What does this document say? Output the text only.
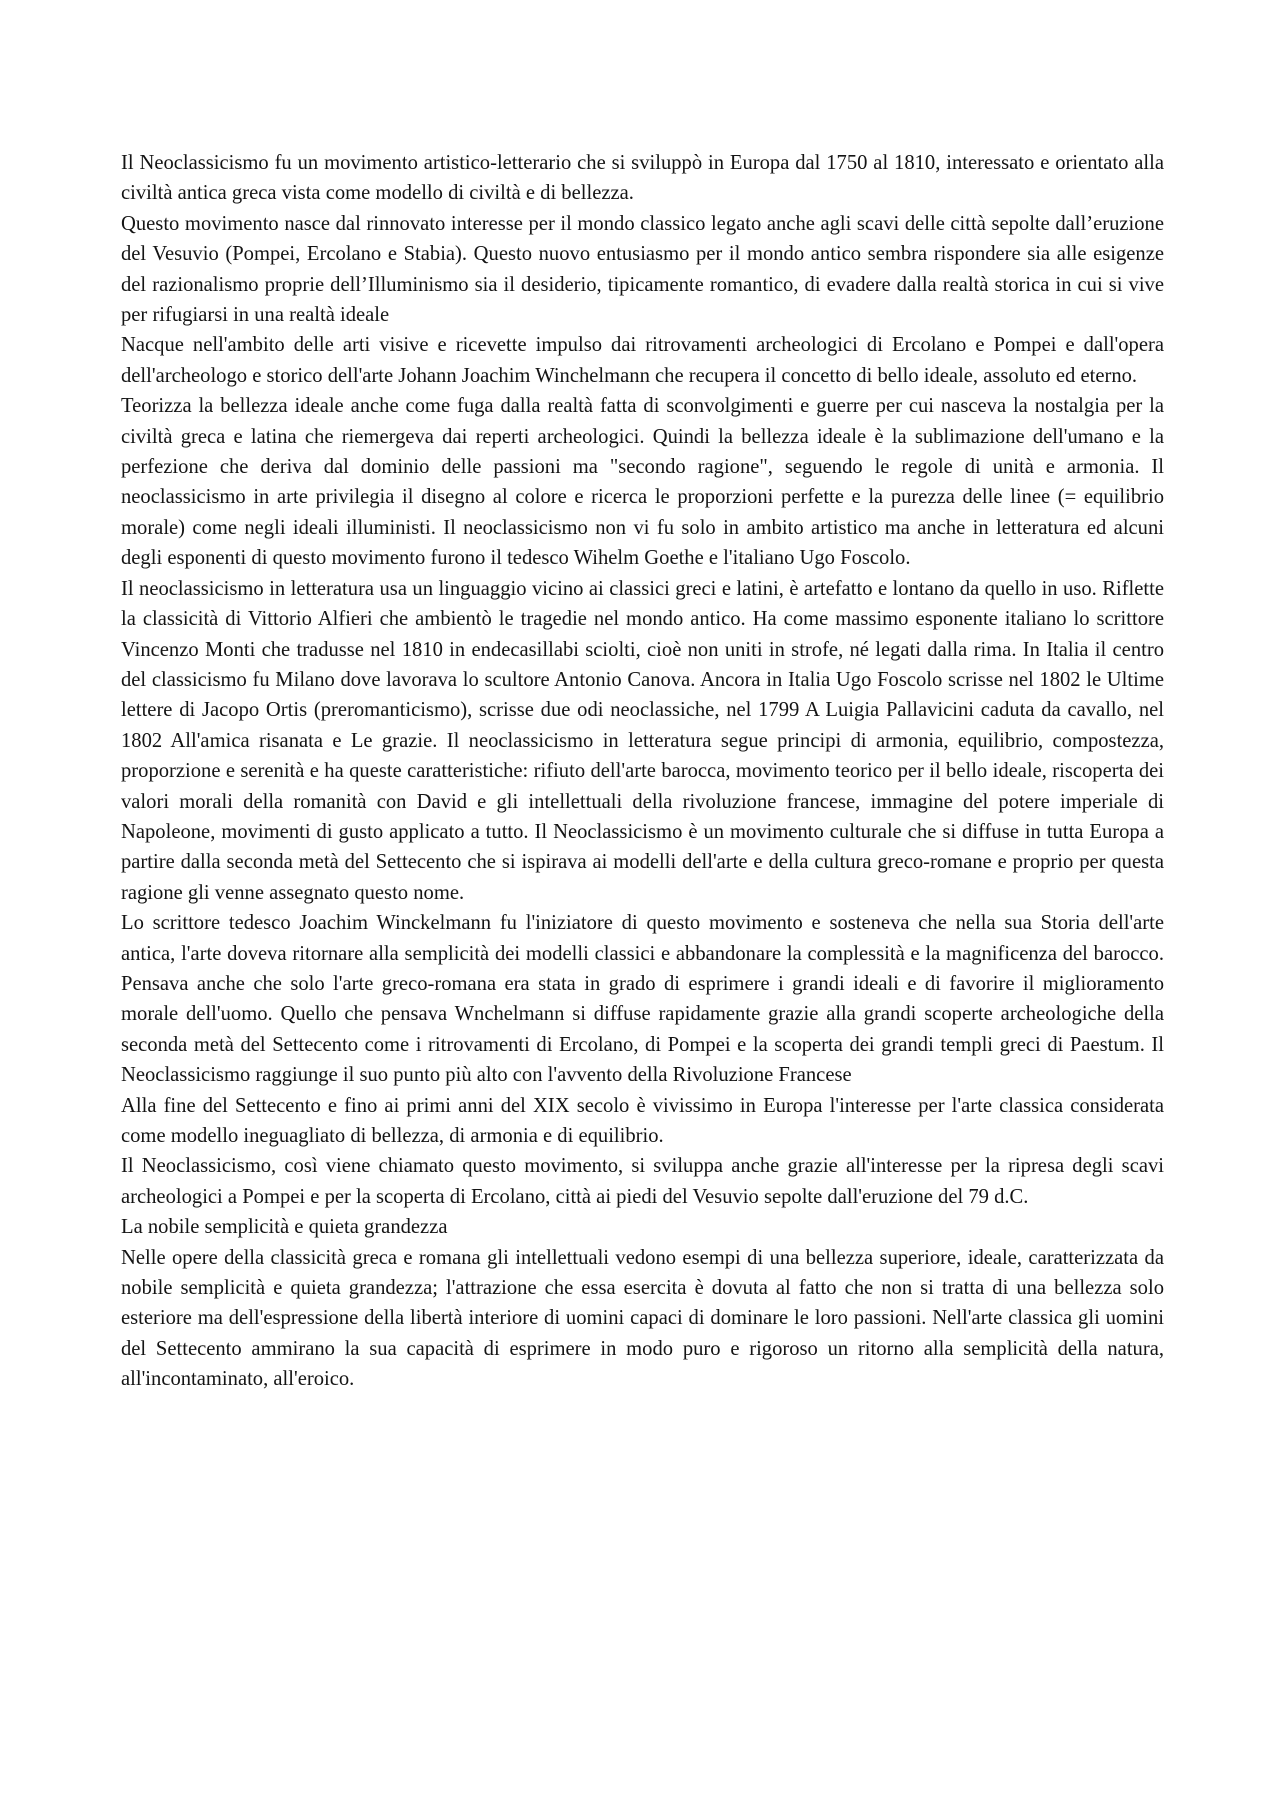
Il Neoclassicismo fu un movimento artistico-letterario che si sviluppò in Europa dal 1750 al 1810, interessato e orientato alla civiltà antica greca vista come modello di civiltà e di bellezza.

Questo movimento nasce dal rinnovato interesse per il mondo classico legato anche agli scavi delle città sepolte dall’eruzione del Vesuvio (Pompei, Ercolano e Stabia). Questo nuovo entusiasmo per il mondo antico sembra rispondere sia alle esigenze del razionalismo proprie dell’Illuminismo sia il desiderio, tipicamente romantico, di evadere dalla realtà storica in cui si vive per rifugiarsi in una realtà ideale

Nacque nell'ambito delle arti visive e ricevette impulso dai ritrovamenti archeologici di Ercolano e Pompei e dall'opera dell'archeologo e storico dell'arte Johann Joachim Winchelmann che recupera il concetto di bello ideale, assoluto ed eterno.

Teorizza la bellezza ideale anche come fuga dalla realtà fatta di sconvolgimenti e guerre per cui nasceva la nostalgia per la civiltà greca e latina che riemergeva dai reperti archeologici. Quindi la bellezza ideale è la sublimazione dell'umano e la perfezione che deriva dal dominio delle passioni ma "secondo ragione", seguendo le regole di unità e armonia. Il neoclassicismo in arte privilegia il disegno al colore e ricerca le proporzioni perfette e la purezza delle linee (= equilibrio morale) come negli ideali illuministi. Il neoclassicismo non vi fu solo in ambito artistico ma anche in letteratura ed alcuni degli esponenti di questo movimento furono il tedesco Wihelm Goethe e l'italiano Ugo Foscolo.

Il neoclassicismo in letteratura usa un linguaggio vicino ai classici greci e latini, è artefatto e lontano da quello in uso. Riflette la classicità di Vittorio Alfieri che ambientò le tragedie nel mondo antico. Ha come massimo esponente italiano lo scrittore Vincenzo Monti che tradusse nel 1810 in endecasillabi sciolti, cioè non uniti in strofe, né legati dalla rima. In Italia il centro del classicismo fu Milano dove lavorava lo scultore Antonio Canova. Ancora in Italia Ugo Foscolo scrisse nel 1802 le Ultime lettere di Jacopo Ortis (preromanticismo), scrisse due odi neoclassiche, nel 1799 A Luigia Pallavicini caduta da cavallo, nel 1802 All'amica risanata e Le grazie. Il neoclassicismo in letteratura segue principi di armonia, equilibrio, compostezza, proporzione e serenità e ha queste caratteristiche: rifiuto dell'arte barocca, movimento teorico per il bello ideale, riscoperta dei valori morali della romanità con David e gli intellettuali della rivoluzione francese, immagine del potere imperiale di Napoleone, movimenti di gusto applicato a tutto. Il Neoclassicismo è un movimento culturale che si diffuse in tutta Europa a partire dalla seconda metà del Settecento che si ispirava ai modelli dell'arte e della cultura greco-romane e proprio per questa ragione gli venne assegnato questo nome.

Lo scrittore tedesco Joachim Winckelmann fu l'iniziatore di questo movimento e sosteneva che nella sua Storia dell'arte antica, l'arte doveva ritornare alla semplicità dei modelli classici e abbandonare la complessità e la magnificenza del barocco. Pensava anche che solo l'arte greco-romana era stata in grado di esprimere i grandi ideali e di favorire il miglioramento morale dell'uomo. Quello che pensava Wnchelmann si diffuse rapidamente grazie alla grandi scoperte archeologiche della seconda metà del Settecento come i ritrovamenti di Ercolano, di Pompei e la scoperta dei grandi templi greci di Paestum. Il Neoclassicismo raggiunge il suo punto più alto con l'avvento della Rivoluzione Francese

Alla fine del Settecento e fino ai primi anni del XIX secolo è vivissimo in Europa l'interesse per l'arte classica considerata come modello ineguagliato di bellezza, di armonia e di equilibrio.

Il Neoclassicismo, così viene chiamato questo movimento, si sviluppa anche grazie all'interesse per la ripresa degli scavi archeologici a Pompei e per la scoperta di Ercolano, città ai piedi del Vesuvio sepolte dall'eruzione del 79 d.C.

La nobile semplicità e quieta grandezza

Nelle opere della classicità greca e romana gli intellettuali vedono esempi di una bellezza superiore, ideale, caratterizzata da nobile semplicità e quieta grandezza; l'attrazione che essa esercita è dovuta al fatto che non si tratta di una bellezza solo esteriore ma dell'espressione della libertà interiore di uomini capaci di dominare le loro passioni. Nell'arte classica gli uomini del Settecento ammirano la sua capacità di esprimere in modo puro e rigoroso un ritorno alla semplicità della natura, all'incontaminato, all'eroico.
